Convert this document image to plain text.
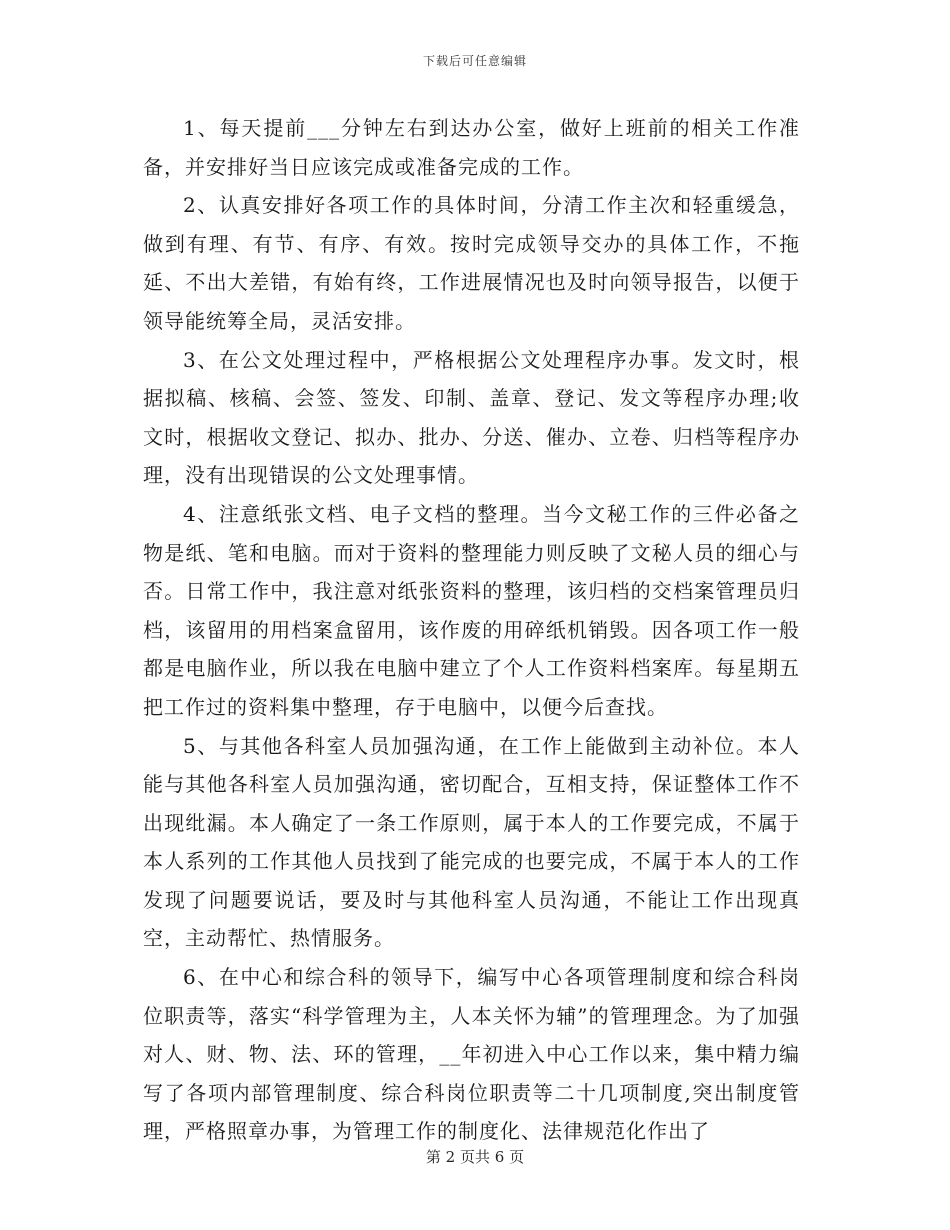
下载后可任意编辑

1、每天提前___分钟左右到达办公室，做好上班前的相关工作准备，并安排好当日应该完成或准备完成的工作。

2、认真安排好各项工作的具体时间，分清工作主次和轻重缓急，做到有理、有节、有序、有效。按时完成领导交办的具体工作，不拖延、不出大差错，有始有终，工作进展情况也及时向领导报告，以便于领导能统筹全局，灵活安排。

3、在公文处理过程中，严格根据公文处理程序办事。发文时，根据拟稿、核稿、会签、签发、印制、盖章、登记、发文等程序办理;收文时，根据收文登记、拟办、批办、分送、催办、立卷、归档等程序办理，没有出现错误的公文处理事情。

4、注意纸张文档、电子文档的整理。当今文秘工作的三件必备之物是纸、笔和电脑。而对于资料的整理能力则反映了文秘人员的细心与否。日常工作中，我注意对纸张资料的整理，该归档的交档案管理员归档，该留用的用档案盒留用，该作废的用碎纸机销毁。因各项工作一般都是电脑作业，所以我在电脑中建立了个人工作资料档案库。每星期五把工作过的资料集中整理，存于电脑中，以便今后查找。

5、与其他各科室人员加强沟通，在工作上能做到主动补位。本人能与其他各科室人员加强沟通，密切配合，互相支持，保证整体工作不出现纰漏。本人确定了一条工作原则，属于本人的工作要完成，不属于本人系列的工作其他人员找到了能完成的也要完成，不属于本人的工作发现了问题要说话，要及时与其他科室人员沟通，不能让工作出现真空，主动帮忙、热情服务。

6、在中心和综合科的领导下，编写中心各项管理制度和综合科岗位职责等，落实“科学管理为主，人本关怀为辅”的管理理念。为了加强对人、财、物、法、环的管理，__年初进入中心工作以来，集中精力编写了各项内部管理制度、综合科岗位职责等二十几项制度,突出制度管理，严格照章办事，为管理工作的制度化、法律规范化作出了

第 2 页共 6 页
